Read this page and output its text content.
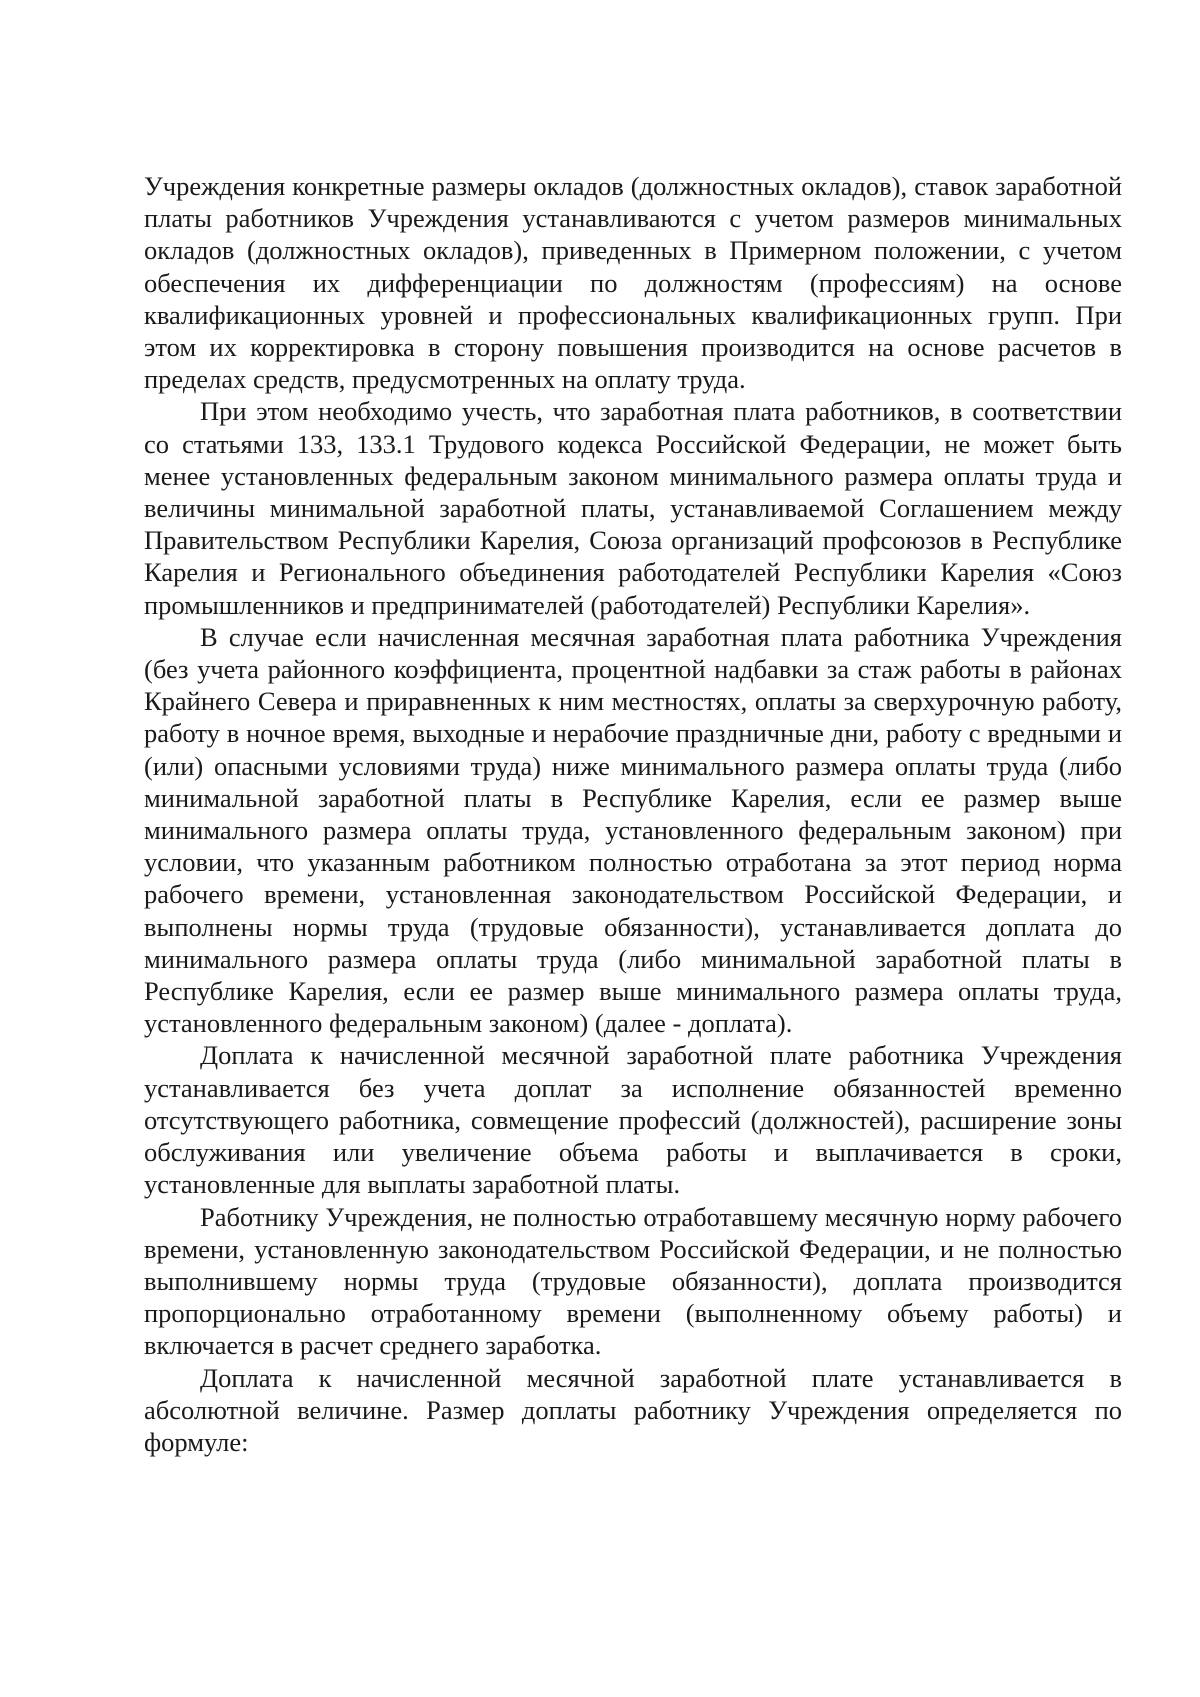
Учреждения конкретные размеры окладов (должностных окладов), ставок заработной платы работников Учреждения устанавливаются с учетом размеров минимальных окладов (должностных окладов), приведенных в Примерном положении, с учетом обеспечения их дифференциации по должностям (профессиям) на основе квалификационных уровней и профессиональных квалификационных групп. При этом их корректировка в сторону повышения производится на основе расчетов в пределах средств, предусмотренных на оплату труда.

При этом необходимо учесть, что заработная плата работников, в соответствии со статьями 133, 133.1 Трудового кодекса Российской Федерации, не может быть менее установленных федеральным законом минимального размера оплаты труда и величины минимальной заработной платы, устанавливаемой Соглашением между Правительством Республики Карелия, Союза организаций профсоюзов в Республике Карелия и Регионального объединения работодателей Республики Карелия «Союз промышленников и предпринимателей (работодателей) Республики Карелия».

В случае если начисленная месячная заработная плата работника Учреждения (без учета районного коэффициента, процентной надбавки за стаж работы в районах Крайнего Севера и приравненных к ним местностях, оплаты за сверхурочную работу, работу в ночное время, выходные и нерабочие праздничные дни, работу с вредными и (или) опасными условиями труда) ниже минимального размера оплаты труда (либо минимальной заработной платы в Республике Карелия, если ее размер выше минимального размера оплаты труда, установленного федеральным законом) при условии, что указанным работником полностью отработана за этот период норма рабочего времени, установленная законодательством Российской Федерации, и выполнены нормы труда (трудовые обязанности), устанавливается доплата до минимального размера оплаты труда (либо минимальной заработной платы в Республике Карелия, если ее размер выше минимального размера оплаты труда, установленного федеральным законом) (далее - доплата).

Доплата к начисленной месячной заработной плате работника Учреждения устанавливается без учета доплат за исполнение обязанностей временно отсутствующего работника, совмещение профессий (должностей), расширение зоны обслуживания или увеличение объема работы и выплачивается в сроки, установленные для выплаты заработной платы.

Работнику Учреждения, не полностью отработавшему месячную норму рабочего времени, установленную законодательством Российской Федерации, и не полностью выполнившему нормы труда (трудовые обязанности), доплата производится пропорционально отработанному времени (выполненному объему работы) и включается в расчет среднего заработка.

Доплата к начисленной месячной заработной плате устанавливается в абсолютной величине. Размер доплаты работнику Учреждения определяется по формуле:
